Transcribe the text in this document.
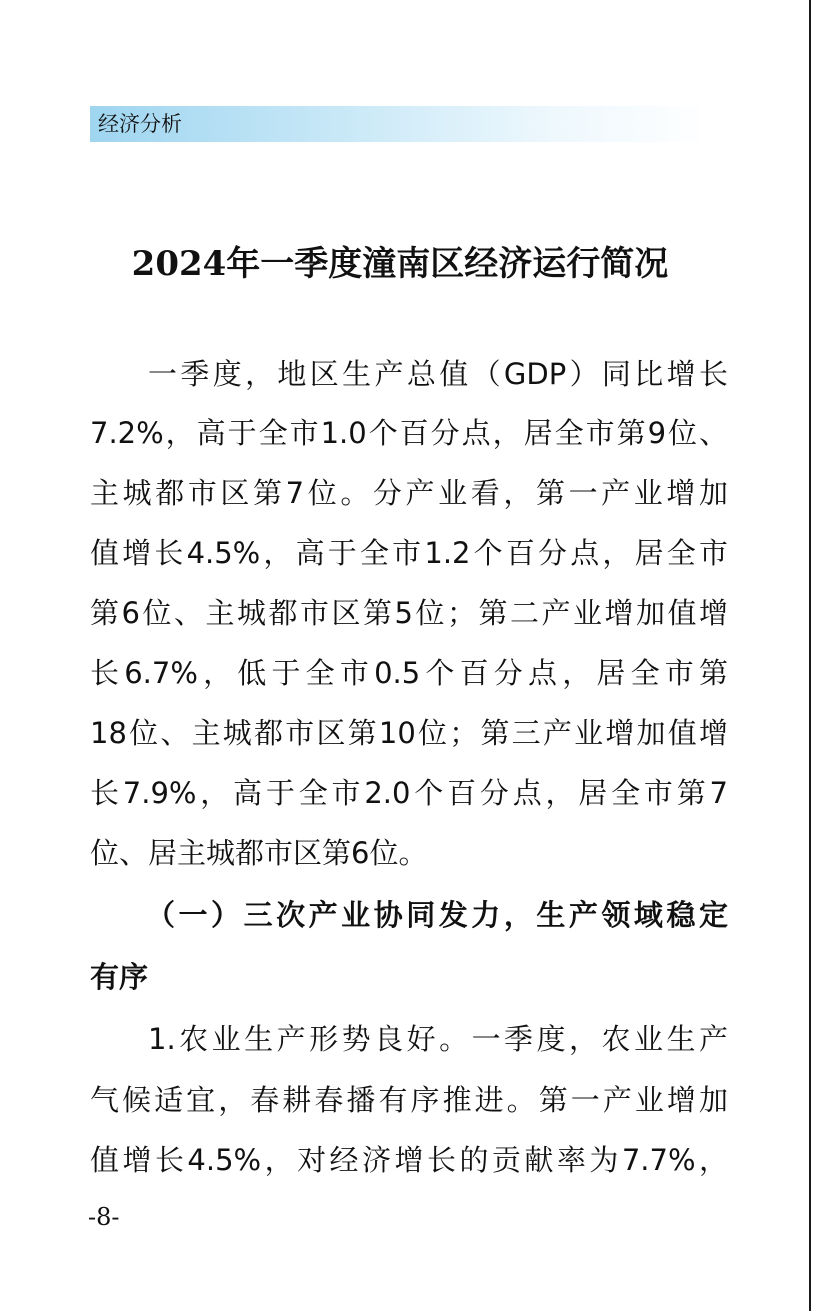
经济分析
2024年一季度潼南区经济运行简况
一季度，地区生产总值（GDP）同比增长
7.2%，高于全市1.0个百分点，居全市第9位、
主城都市区第7位。分产业看，第一产业增加
值增长4.5%，高于全市1.2个百分点，居全市
第6位、主城都市区第5位；第二产业增加值增
长6.7%，低于全市0.5个百分点，居全市第
18位、主城都市区第10位；第三产业增加值增
长7.9%，高于全市2.0个百分点，居全市第7
位、居主城都市区第6位。
（一）三次产业协同发力，生产领域稳定
有序
1.农业生产形势良好。一季度，农业生产
气候适宜，春耕春播有序推进。第一产业增加
值增长4.5%，对经济增长的贡献率为7.7%，
-8-
